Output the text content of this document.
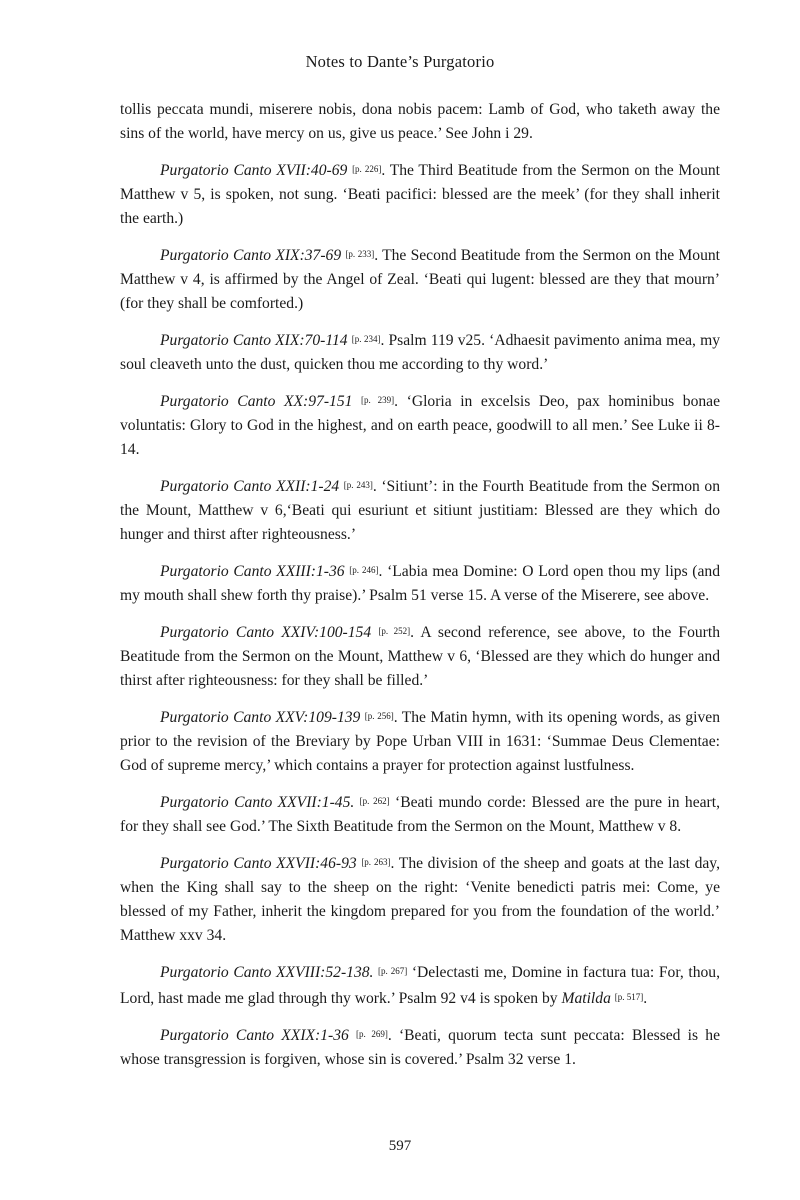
Notes to Dante’s Purgatorio

tollis peccata mundi, miserere nobis, dona nobis pacem: Lamb of God, who taketh away the sins of the world, have mercy on us, give us peace.’ See John i 29.

Purgatorio Canto XVII:40-69 [p. 226]. The Third Beatitude from the Sermon on the Mount Matthew v 5, is spoken, not sung. ‘Beati pacifici: blessed are the meek’ (for they shall inherit the earth.)

Purgatorio Canto XIX:37-69 [p. 233]. The Second Beatitude from the Sermon on the Mount Matthew v 4, is affirmed by the Angel of Zeal. ‘Beati qui lugent: blessed are they that mourn’ (for they shall be comforted.)

Purgatorio Canto XIX:70-114 [p. 234]. Psalm 119 v25. ‘Adhaesit pavimento anima mea, my soul cleaveth unto the dust, quicken thou me according to thy word.’

Purgatorio Canto XX:97-151 [p. 239]. ‘Gloria in excelsis Deo, pax hominibus bonae voluntatis: Glory to God in the highest, and on earth peace, goodwill to all men.’ See Luke ii 8-14.

Purgatorio Canto XXII:1-24 [p. 243]. ‘Sitiunt’: in the Fourth Beatitude from the Sermon on the Mount, Matthew v 6,‘Beati qui esuriunt et sitiunt justitiam: Blessed are they which do hunger and thirst after righteousness.’

Purgatorio Canto XXIII:1-36 [p. 246]. ‘Labia mea Domine: O Lord open thou my lips (and my mouth shall shew forth thy praise).’ Psalm 51 verse 15. A verse of the Miserere, see above.

Purgatorio Canto XXIV:100-154 [p. 252]. A second reference, see above, to the Fourth Beatitude from the Sermon on the Mount, Matthew v 6, ‘Blessed are they which do hunger and thirst after righteousness: for they shall be filled.’

Purgatorio Canto XXV:109-139 [p. 256]. The Matin hymn, with its opening words, as given prior to the revision of the Breviary by Pope Urban VIII in 1631: ‘Summae Deus Clementae: God of supreme mercy,’ which contains a prayer for protection against lustfulness.

Purgatorio Canto XXVII:1-45. [p. 262] ‘Beati mundo corde: Blessed are the pure in heart, for they shall see God.’ The Sixth Beatitude from the Sermon on the Mount, Matthew v 8.

Purgatorio Canto XXVII:46-93 [p. 263]. The division of the sheep and goats at the last day, when the King shall say to the sheep on the right: ‘Venite benedicti patris mei: Come, ye blessed of my Father, inherit the kingdom prepared for you from the foundation of the world.’ Matthew xxv 34.

Purgatorio Canto XXVIII:52-138. [p. 267] ‘Delectasti me, Domine in factura tua: For, thou, Lord, hast made me glad through thy work.’ Psalm 92 v4 is spoken by Matilda [p. 517].

Purgatorio Canto XXIX:1-36 [p. 269]. ‘Beati, quorum tecta sunt peccata: Blessed is he whose transgression is forgiven, whose sin is covered.’ Psalm 32 verse 1.

597
